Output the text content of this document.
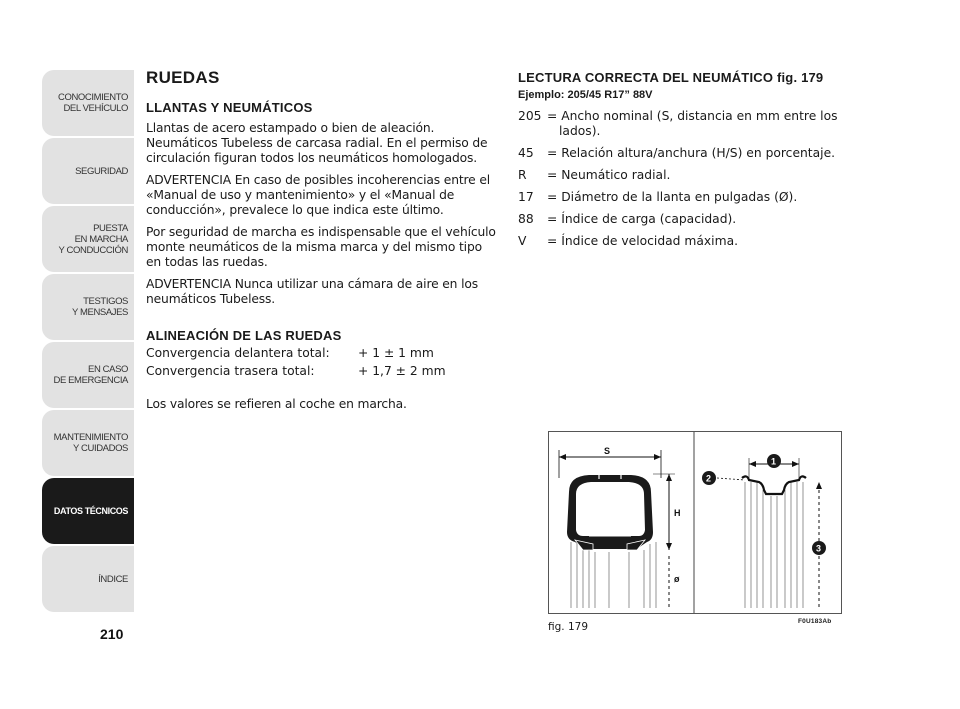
CONOCIMIENTO
DEL VEHÍCULO
SEGURIDAD
PUESTA
EN MARCHA
Y CONDUCCIÓN
TESTIGOS
Y MENSAJES
EN CASO
DE EMERGENCIA
MANTENIMIENTO
Y CUIDADOS
DATOS TÉCNICOS
ÍNDICE
210
RUEDAS
LLANTAS Y NEUMÁTICOS

Llantas de acero estampado o bien de aleación. Neumáticos Tubeless de carcasa radial. En el permiso de circulación figuran todos los neumáticos homologados.

ADVERTENCIA En caso de posibles incoherencias entre el «Manual de uso y mantenimiento» y el «Manual de conducción», prevalece lo que indica este último.

Por seguridad de marcha es indispensable que el vehículo monte neumáticos de la misma marca y del mismo tipo en todas las ruedas.

ADVERTENCIA Nunca utilizar una cámara de aire en los neumáticos Tubeless.

ALINEACIÓN DE LAS RUEDAS
Convergencia delantera total:	+ 1 ± 1 mm
Convergencia trasera total:	+ 1,7 ± 2 mm

Los valores se refieren al coche en marcha.

LECTURA CORRECTA DEL NEUMÁTICO fig. 179
Ejemplo: 205/45 R17” 88V
205 = Ancho nominal (S, distancia en mm entre los lados).
45	= Relación altura/anchura (H/S) en porcentaje.
R	= Neumático radial.
17	= Diámetro de la llanta en pulgadas (Ø).
88	= Índice de carga (capacidad).
V	= Índice de velocidad máxima.
S
H
ø
1
2
3
fig. 179	F0U183Ab
